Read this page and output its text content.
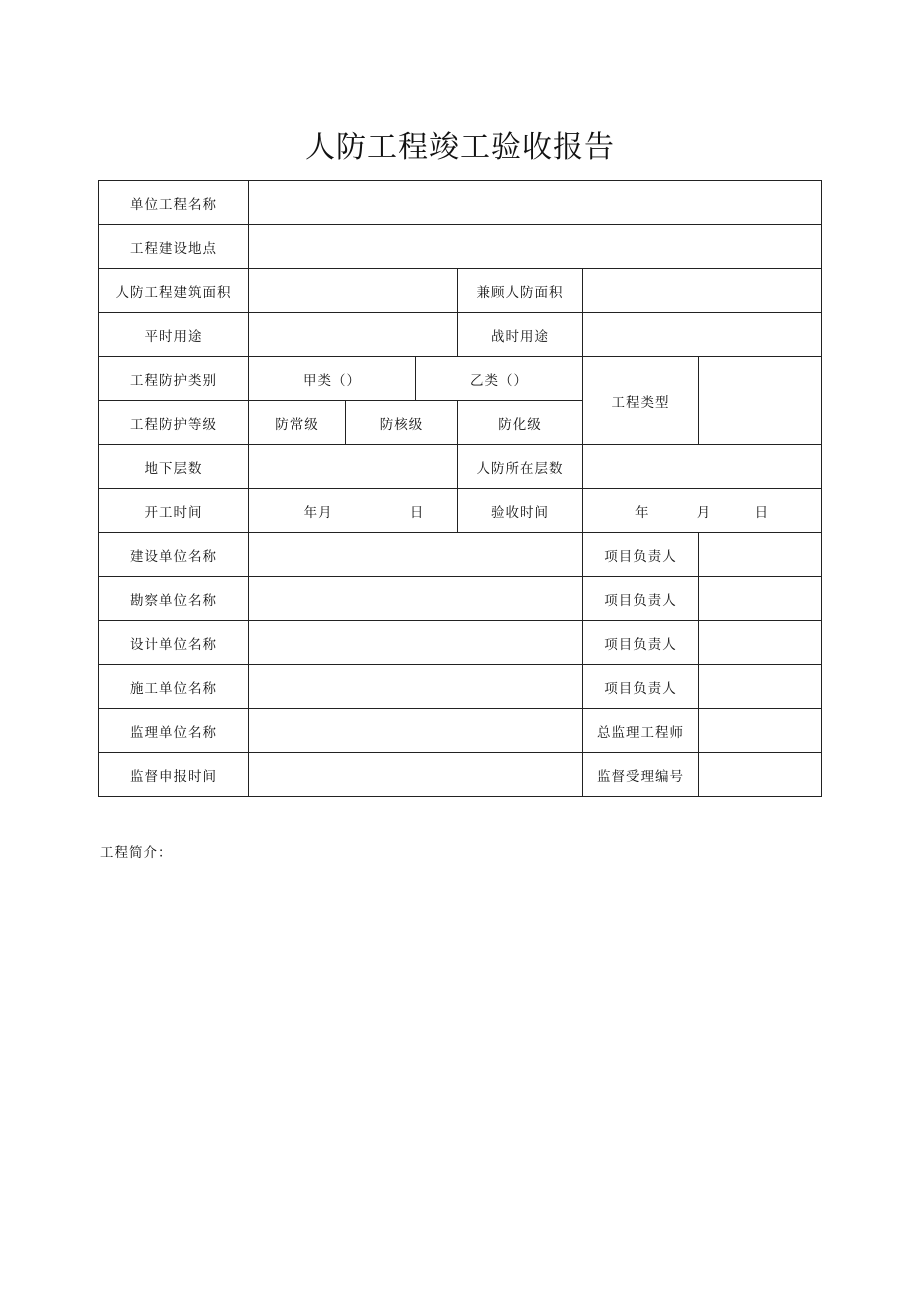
人防工程竣工验收报告
单位工程名称						
工程建设地点						
人防工程建筑面积				兼顾人防面积		
平时用途				战时用途		
工程防护类别	甲类（）		乙类（）		工程类型	
工程防护等级	防常级	防核级		防化级		
地下层数				人防所在层数		
开工时间	年月 日			验收时间	年 月 日	
建设单位名称					项目负责人	
勘察单位名称					项目负责人	
设计单位名称					项目负责人	
施工单位名称					项目负责人	
监理单位名称					总监理工程师	
监督申报时间					监督受理编号	
工程简介：
